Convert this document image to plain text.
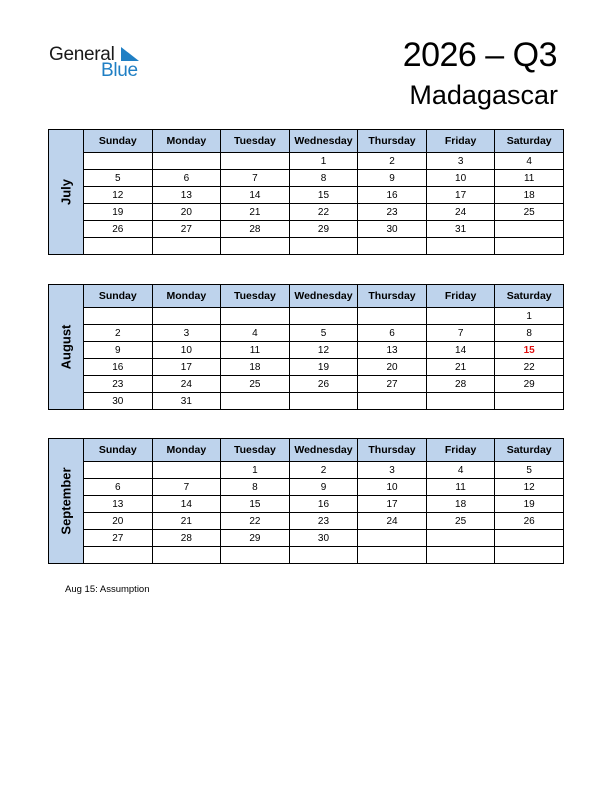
General
Blue	2026 – Q3
Madagascar
July	Sunday	Monday	Tuesday	Wednesday	Thursday	Friday	Saturday
				1	2	3	4
	5	6	7	8	9	10	11
	12	13	14	15	16	17	18
	19	20	21	22	23	24	25
	26	27	28	29	30	31	

August	Sunday	Monday	Tuesday	Wednesday	Thursday	Friday	Saturday
							1
	2	3	4	5	6	7	8
	9	10	11	12	13	14	15
	16	17	18	19	20	21	22
	23	24	25	26	27	28	29
	30	31					
September	Sunday	Monday	Tuesday	Wednesday	Thursday	Friday	Saturday
			1	2	3	4	5
	6	7	8	9	10	11	12
	13	14	15	16	17	18	19
	20	21	22	23	24	25	26
	27	28	29	30			

Aug 15: Assumption
